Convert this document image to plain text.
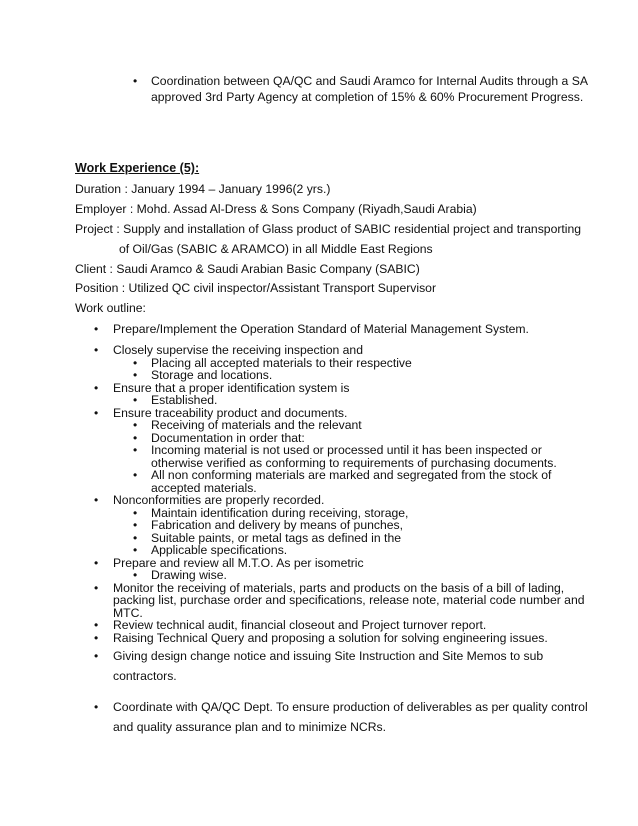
• Coordination between QA/QC and Saudi Aramco for Internal Audits through a SA
approved 3rd Party Agency at completion of 15% & 60% Procurement Progress.
Work Experience (5):
Duration : January 1994 – January 1996(2 yrs.)
Employer : Mohd. Assad Al-Dress & Sons Company (Riyadh,Saudi Arabia)
Project : Supply and installation of Glass product of SABIC residential project and transporting
of Oil/Gas (SABIC & ARAMCO) in all Middle East Regions
Client : Saudi Aramco & Saudi Arabian Basic Company (SABIC)
Position : Utilized QC civil inspector/Assistant Transport Supervisor
Work outline:
• Prepare/Implement the Operation Standard of Material Management System.
• Closely supervise the receiving inspection and
• Placing all accepted materials to their respective
• Storage and locations.
• Ensure that a proper identification system is
• Established.
• Ensure traceability product and documents.
• Receiving of materials and the relevant
• Documentation in order that:
• Incoming material is not used or processed until it has been inspected or
otherwise verified as conforming to requirements of purchasing documents.
• All non conforming materials are marked and segregated from the stock of
accepted materials.
• Nonconformities are properly recorded.
• Maintain identification during receiving, storage,
• Fabrication and delivery by means of punches,
• Suitable paints, or metal tags as defined in the
• Applicable specifications.
• Prepare and review all M.T.O. As per isometric
• Drawing wise.
• Monitor the receiving of materials, parts and products on the basis of a bill of lading,
packing list, purchase order and specifications, release note, material code number and
MTC.
• Review technical audit, financial closeout and Project turnover report.
• Raising Technical Query and proposing a solution for solving engineering issues.
• Giving design change notice and issuing Site Instruction and Site Memos to sub
contractors.
• Coordinate with QA/QC Dept. To ensure production of deliverables as per quality control
and quality assurance plan and to minimize NCRs.
